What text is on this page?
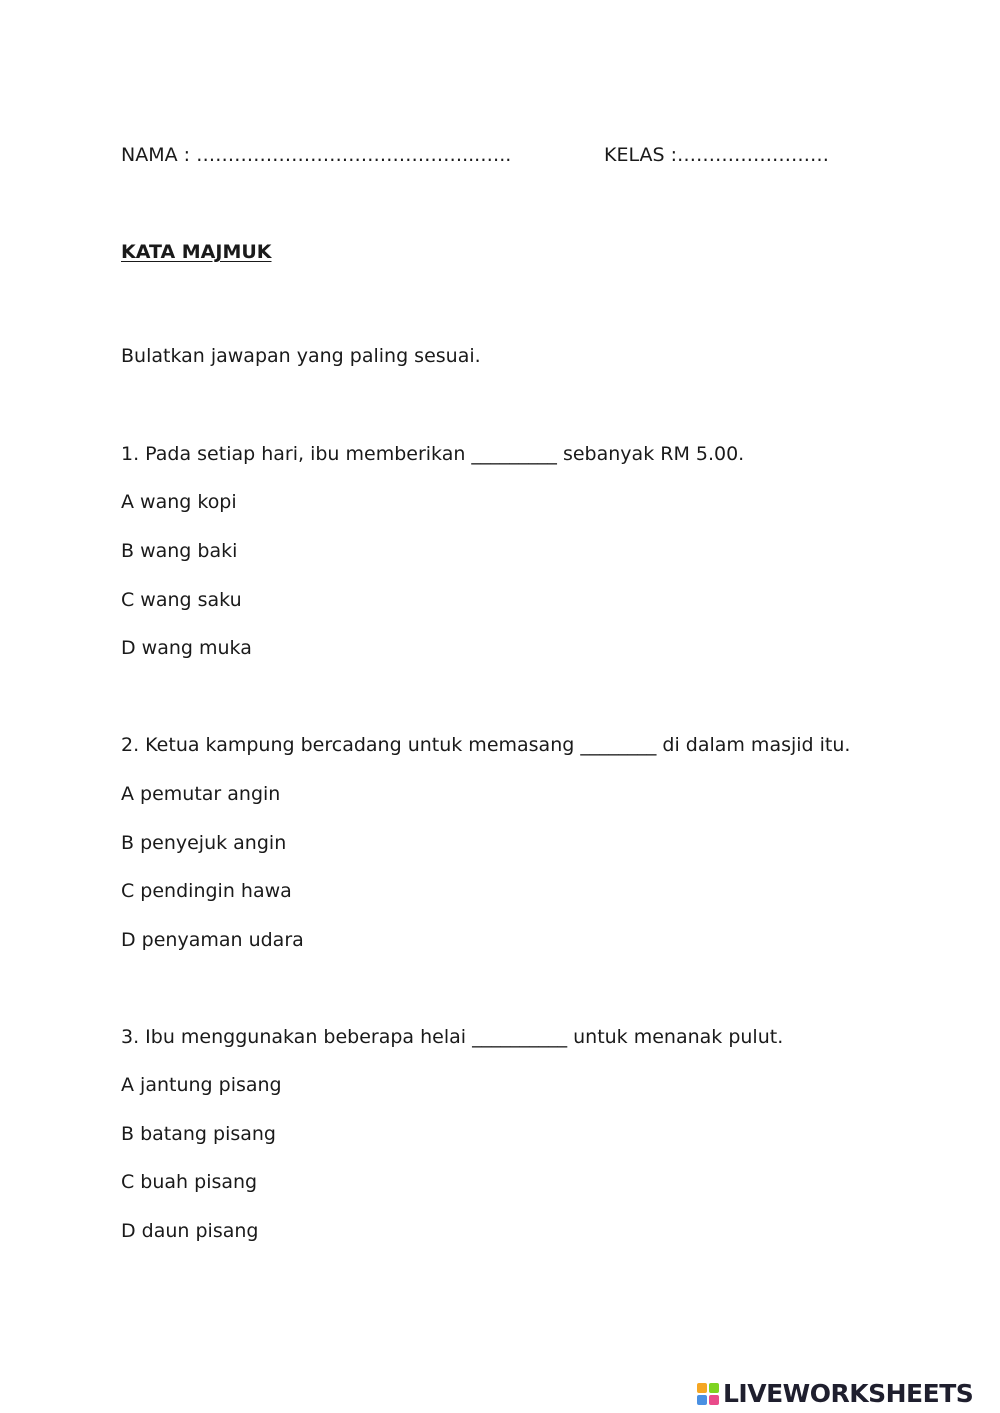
NAMA : ……………………………………...…..	KELAS :……………………
KATA MAJMUK
Bulatkan jawapan yang paling sesuai.
1. Pada setiap hari, ibu memberikan _________ sebanyak RM 5.00.
A wang kopi
B wang baki
C wang saku
D wang muka
2. Ketua kampung bercadang untuk memasang ________ di dalam masjid itu.
A pemutar angin
B penyejuk angin
C pendingin hawa
D penyaman udara
3. Ibu menggunakan beberapa helai __________ untuk menanak pulut.
A jantung pisang
B batang pisang
C buah pisang
D daun pisang
LIVEWORKSHEETS
